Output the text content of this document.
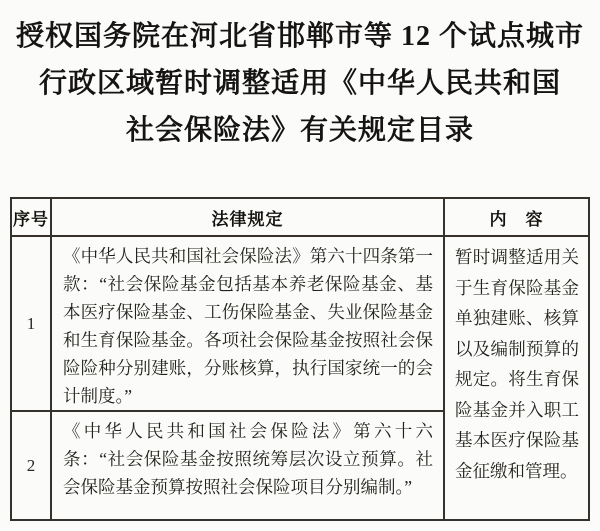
授权国务院在河北省邯郸市等 12 个试点城市
行政区域暂时调整适用《中华人民共和国
社会保险法》有关规定目录
序号	法律规定	内　容
1	《中华人民共和国社会保险法》第六十四条第一款：“社会保险基金包括基本养老保险基金、基本医疗保险基金、工伤保险基金、失业保险基金和生育保险基金。各项社会保险基金按照社会保险险种分别建账，分账核算，执行国家统一的会计制度。”	暂时调整适用关于生育保险基金单独建账、核算以及编制预算的规定。将生育保险基金并入职工基本医疗保险基金征缴和管理。
2	《中华人民共和国社会保险法》第六十六条：“社会保险基金按照统筹层次设立预算。社会保险基金预算按照社会保险项目分别编制。”	
